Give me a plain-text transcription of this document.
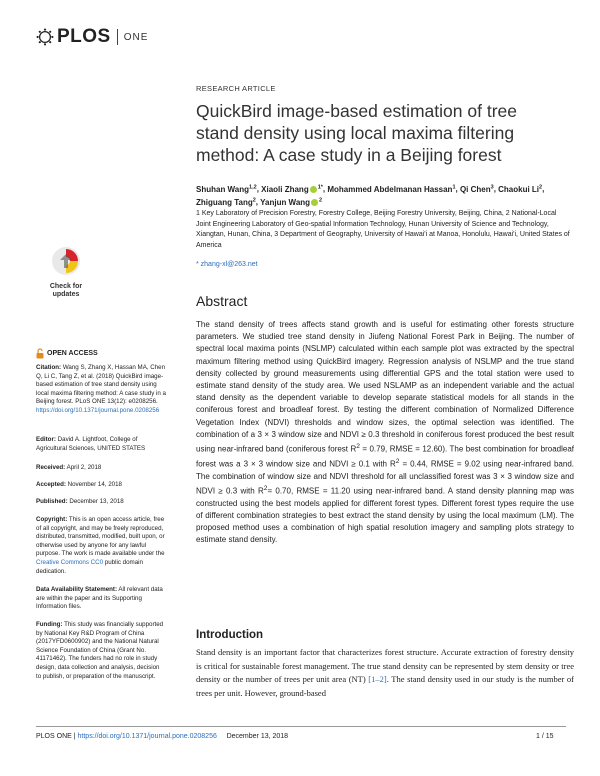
PLOS ONE
RESEARCH ARTICLE
QuickBird image-based estimation of tree stand density using local maxima filtering method: A case study in a Beijing forest
Shuhan Wang$^{1,2}$, Xiaoli Zhang $^{1*}$, Mohammed Abdelmanan Hassan$^1$, Qi Chen$^3$, Chaokui Li$^2$, Zhiguang Tang$^2$, Yanjun Wang $^2$
1 Key Laboratory of Precision Forestry, Forestry College, Beijing Forestry University, Beijing, China, 2 National-Local Joint Engineering Laboratory of Geo-spatial Information Technology, Hunan University of Science and Technology, Xiangtan, Hunan, China, 3 Department of Geography, University of Hawai'i at Manoa, Honolulu, Hawai'i, United States of America
* zhang-xl@263.net
Check for
updates
OPEN ACCESS
Citation: Wang S, Zhang X, Hassan MA, Chen Q, Li C, Tang Z, et al. (2018) QuickBird image-based estimation of tree stand density using local maxima filtering method: A case study in a Beijing forest. PLoS ONE 13(12): e0208256. https://doi.org/10.1371/journal.pone.0208256
Editor: David A. Lightfoot, College of Agricultural Sciences, UNITED STATES
Received: April 2, 2018
Accepted: November 14, 2018
Published: December 13, 2018
Copyright: This is an open access article, free of all copyright, and may be freely reproduced, distributed, transmitted, modified, built upon, or otherwise used by anyone for any lawful purpose. The work is made available under the Creative Commons CC0 public domain dedication.
Data Availability Statement: All relevant data are within the paper and its Supporting Information files.
Funding: This study was financially supported by National Key R&D Program of China (2017YFD0600902) and the National Natural Science Foundation of China (Grant No. 41171462). The funders had no role in study design, data collection and analysis, decision to publish, or preparation of the manuscript.
Abstract
The stand density of trees affects stand growth and is useful for estimating other forests structure parameters. We studied tree stand density in Jiufeng National Forest Park in Beijing. The number of spectral local maxima points (NSLMP) calculated within each sample plot was extracted by the spectral maximum filtering method using QuickBird imagery. Regression analysis of NSLMP and the true stand density collected by ground measurements using differential GPS and the total station were used to estimate stand density of the study area. We used NSLAMP as an independent variable and the actual stand density as the dependent variable to develop separate statistical models for all stands in the coniferous forest and broadleaf forest. By testing the different combination of Normalized Difference Vegetation Index (NDVI) thresholds and window sizes, the optimal selection was identified. The combination of a 3 × 3 window size and NDVI ≥ 0.3 threshold in coniferous forest produced the best result using near-infrared band (coniferous forest $R^2 = 0.79$, RMSE = 12.60). The best combination for broadleaf forest was a 3 × 3 window size and NDVI ≥ 0.1 with $R^2 = 0.44$, RMSE = 9.02 using near-infrared band. The combination of window size and NDVI threshold for all unclassified forest was 3 × 3 window size and NDVI ≥ 0.3 with $R^2= 0.70$, RMSE = 11.20 using near-infrared band. A stand density planning map was constructed using the best models applied for different forest types. Different forest types require the use of different combination strategies to best extract the stand density by using the local maximum (LM). The proposed method uses a combination of high spatial resolution imagery and sampling plots strategy to estimate stand density.
Introduction
Stand density is an important factor that characterizes forest structure. Accurate extraction of forestry density is critical for sustainable forest management. The true stand density can be represented by stem density or tree density or the number of trees per unit area (NT) [1–2]. The stand density used in our study is the number of trees per unit. However, ground-based
PLOS ONE | https://doi.org/10.1371/journal.pone.0208256 December 13, 2018	1 / 15
